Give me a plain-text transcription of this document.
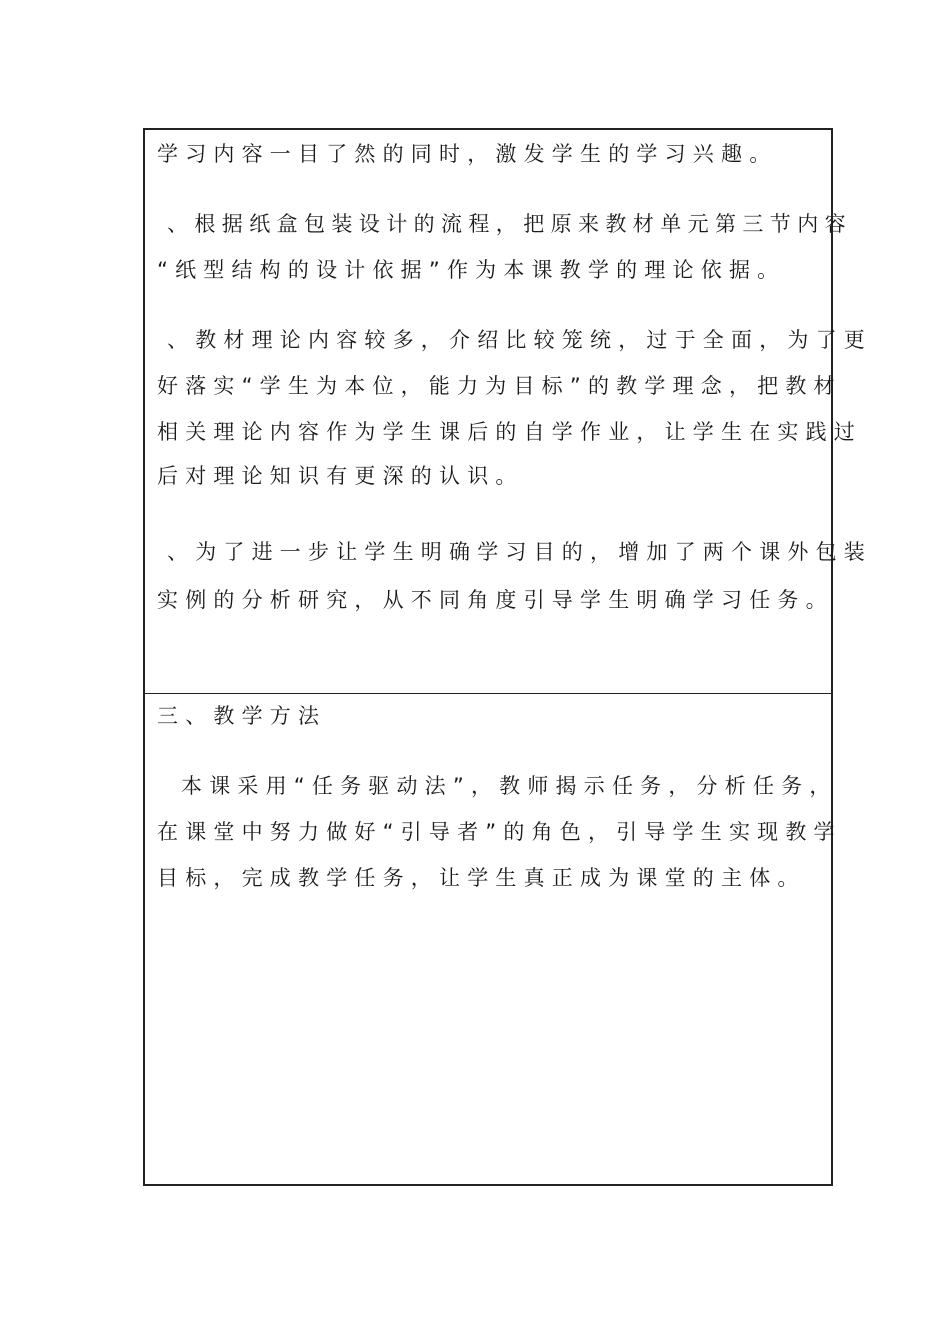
学习内容一目了然的同时，激发学生的学习兴趣。
、根据纸盒包装设计的流程，把原来教材单元第三节内容
“纸型结构的设计依据”作为本课教学的理论依据。
、教材理论内容较多，介绍比较笼统，过于全面，为了更
好落实“学生为本位，能力为目标”的教学理念，把教材
相关理论内容作为学生课后的自学作业，让学生在实践过
后对理论知识有更深的认识。
、为了进一步让学生明确学习目的，增加了两个课外包装
实例的分析研究，从不同角度引导学生明确学习任务。
三、教学方法
本课采用“任务驱动法”，教师揭示任务，分析任务，
在课堂中努力做好“引导者”的角色，引导学生实现教学
目标，完成教学任务，让学生真正成为课堂的主体。
